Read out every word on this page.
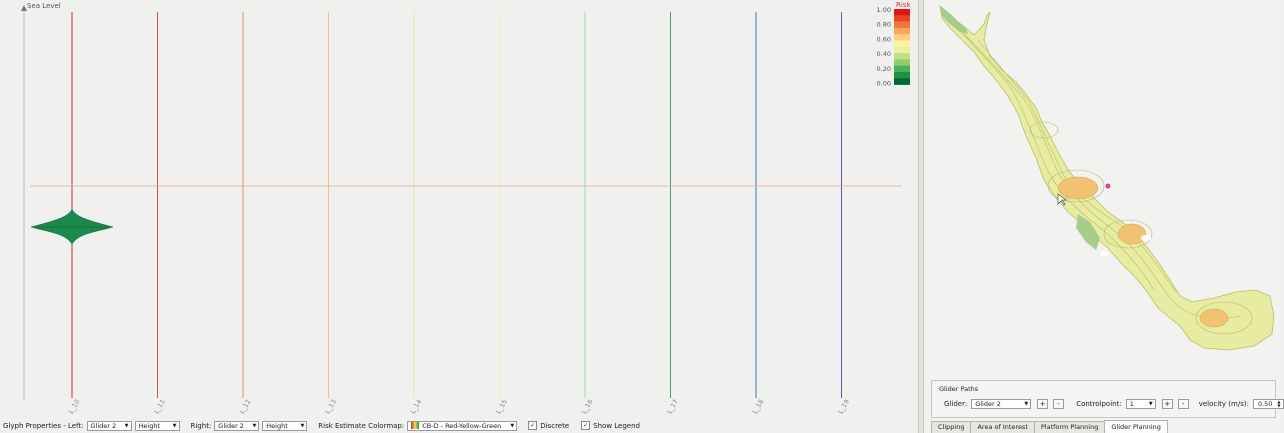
Sea Level
L_10	L_11	L_12	L_13	L_14	L_15	L_16	L_17	L_18	L_19
Risk
1.00
0.80
0.60
0.40
0.20
0.00
Glider Paths
Glider: Glider 2	▼	+	-	Controlpoint: 1	▼	+	-	velocity (m/s): 0.50 ▲
▼
Clipping	Area of Interest	Platform Planning	Glider Planning
Glyph Properties - Left: Glider 2 ▼ Height	▼ Right: Glider 2 ▼ Height	▼ Risk Estimate Colormap:	CB-D - Red-Yellow-Green ▼	✓ Discrete	✓ Show Legend
